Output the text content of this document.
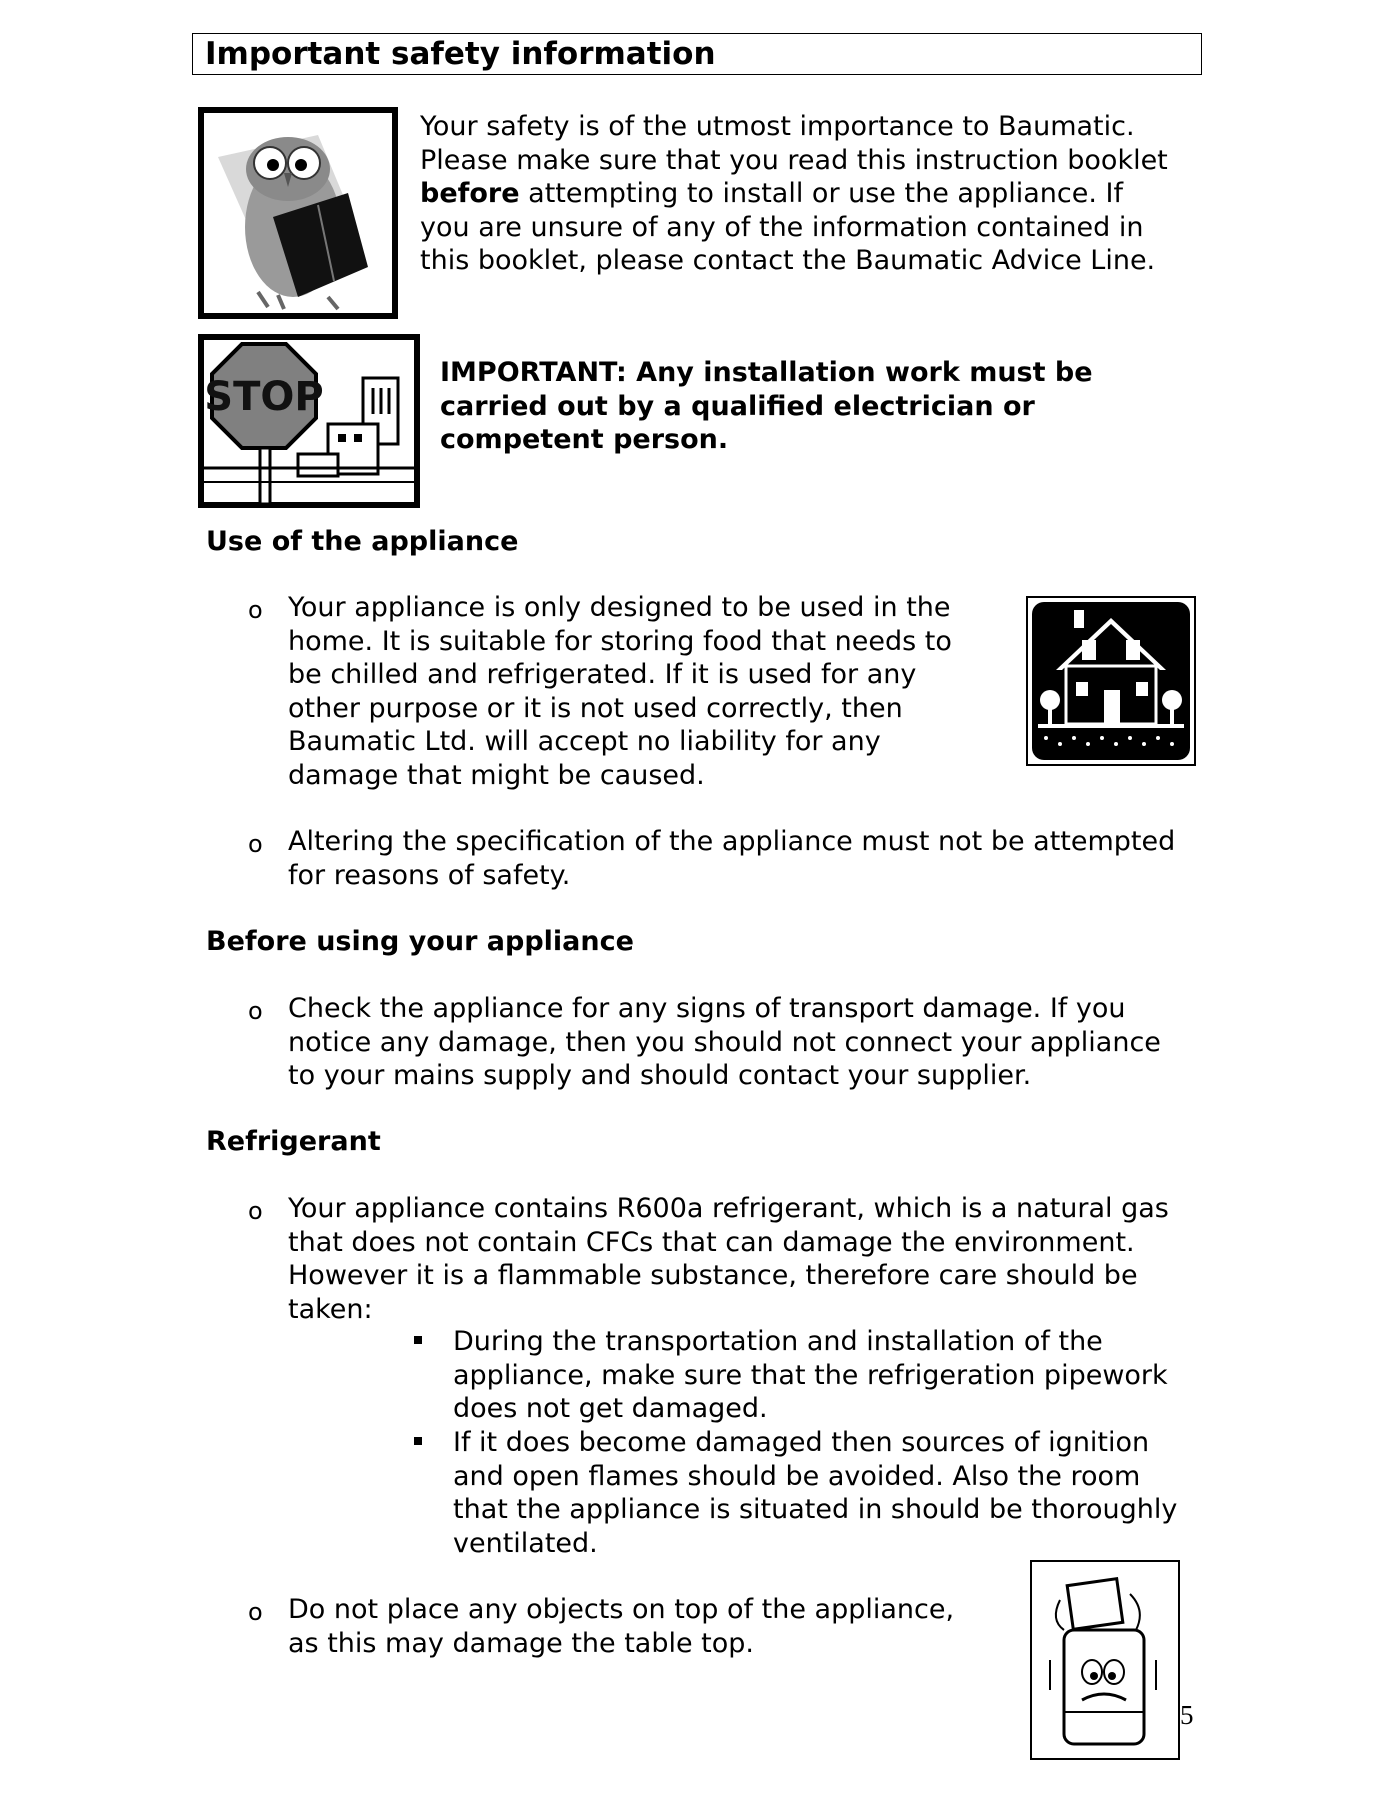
Important safety information
Your safety is of the utmost importance to Baumatic.
Please make sure that you read this instruction booklet
before attempting to install or use the appliance. If
you are unsure of any of the information contained in
this booklet, please contact the Baumatic Advice Line.
STOP
IMPORTANT: Any installation work must be
carried out by a qualified electrician or
competent person.
Use of the appliance
o Your appliance is only designed to be used in the
home. It is suitable for storing food that needs to
be chilled and refrigerated. If it is used for any
other purpose or it is not used correctly, then
Baumatic Ltd. will accept no liability for any
damage that might be caused.
o Altering the specification of the appliance must not be attempted
for reasons of safety.
Before using your appliance
o Check the appliance for any signs of transport damage. If you
notice any damage, then you should not connect your appliance
to your mains supply and should contact your supplier.
Refrigerant
o Your appliance contains R600a refrigerant, which is a natural gas
that does not contain CFCs that can damage the environment.
However it is a flammable substance, therefore care should be
taken:
During the transportation and installation of the
appliance, make sure that the refrigeration pipework
does not get damaged.
If it does become damaged then sources of ignition
and open flames should be avoided. Also the room
that the appliance is situated in should be thoroughly
ventilated.
o Do not place any objects on top of the appliance,
as this may damage the table top.
5
